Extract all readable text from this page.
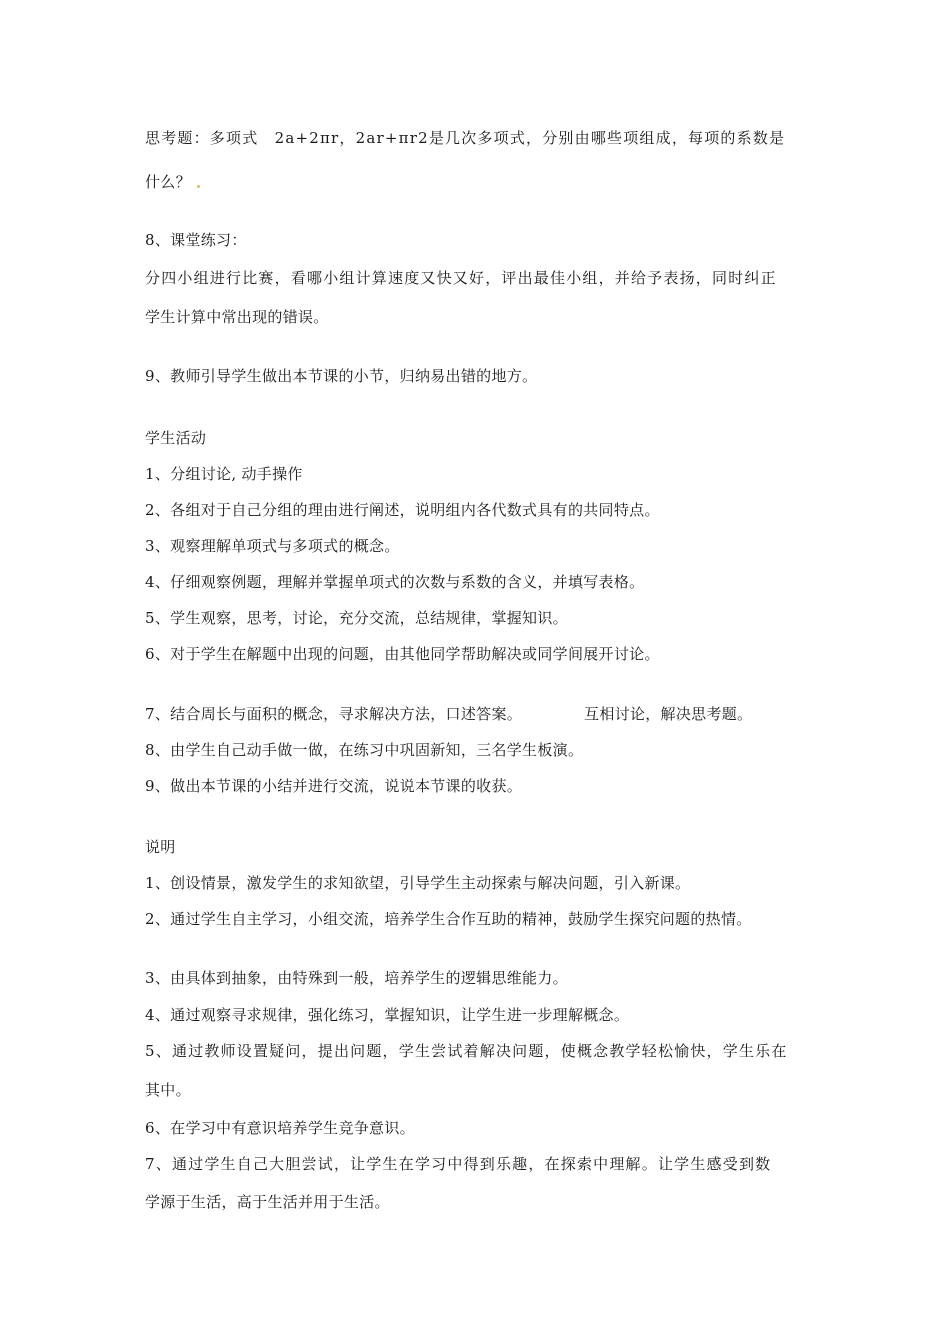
思考题：多项式　2a+2πr，2ar+πr2是几次多项式，分别由哪些项组成，每项的系数是
什么？
8、课堂练习：
分四小组进行比赛，看哪小组计算速度又快又好，评出最佳小组，并给予表扬，同时纠正
学生计算中常出现的错误。
9、教师引导学生做出本节课的小节，归纳易出错的地方。
学生活动
1、分组讨论, 动手操作
2、各组对于自己分组的理由进行阐述，说明组内各代数式具有的共同特点。
3、观察理解单项式与多项式的概念。
4、仔细观察例题，理解并掌握单项式的次数与系数的含义，并填写表格。
5、学生观察，思考，讨论，充分交流，总结规律，掌握知识。
6、对于学生在解题中出现的问题，由其他同学帮助解决或同学间展开讨论。
7、结合周长与面积的概念，寻求解决方法，口述答案。	互相讨论，解决思考题。
8、由学生自己动手做一做，在练习中巩固新知，三名学生板演。
9、做出本节课的小结并进行交流，说说本节课的收获。
说明
1、创设情景，激发学生的求知欲望，引导学生主动探索与解决问题，引入新课。
2、通过学生自主学习，小组交流，培养学生合作互助的精神，鼓励学生探究问题的热情。
3、由具体到抽象，由特殊到一般，培养学生的逻辑思维能力。
4、通过观察寻求规律，强化练习，掌握知识，让学生进一步理解概念。
5、通过教师设置疑问，提出问题，学生尝试着解决问题，使概念教学轻松愉快，学生乐在
其中。
6、在学习中有意识培养学生竞争意识。
7、通过学生自己大胆尝试，让学生在学习中得到乐趣，在探索中理解。让学生感受到数
学源于生活，高于生活并用于生活。
